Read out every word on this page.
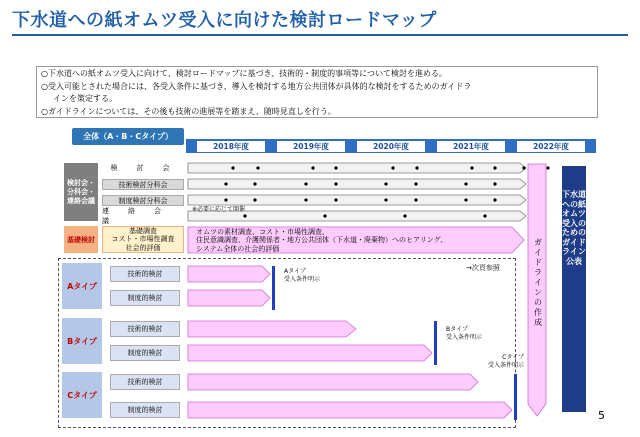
下水道への紙オムツ受入に向けた検討ロードマップ
○下水道への紙オムツ受入に向けて、検討ロードマップに基づき、技術的・制度的事項等について検討を進める。
○受入可能とされた場合には、各受入条件に基づき、導入を検討する地方公共団体が具体的な検討をするためのガイドラ
インを策定する。
○ガイドラインについては、その後も技術の進展等を踏まえ、随時見直しを行う。
全体（A・B・Cタイプ）
2018年度	2019年度	2020年度	2021年度	2022年度
検討会・分科会・連絡会議
検　討　会
技術検討分科会
制度検討分科会
連　絡　会　議
※必要に応じて開催
基礎検討
基礎調査
コスト・市場性調査
社会的評価
オムツの素材調査、コスト・市場性調査、
住民意識調査、介護関係者・地方公共団体（下水道・廃棄物）へのヒアリング、
システム全体の社会的評価
→次頁参照
Aタイプ
技術的検討
制度的検討
Aタイプ
受入条件明示
Bタイプ
技術的検討
制度的検討
Bタイプ
受入条件明示
Cタイプ
技術的検討
制度的検討
Cタイプ
受入条件明示
ガイドラインの作成
下水道への紙オムツ受入のためのガイドライン公表
5
